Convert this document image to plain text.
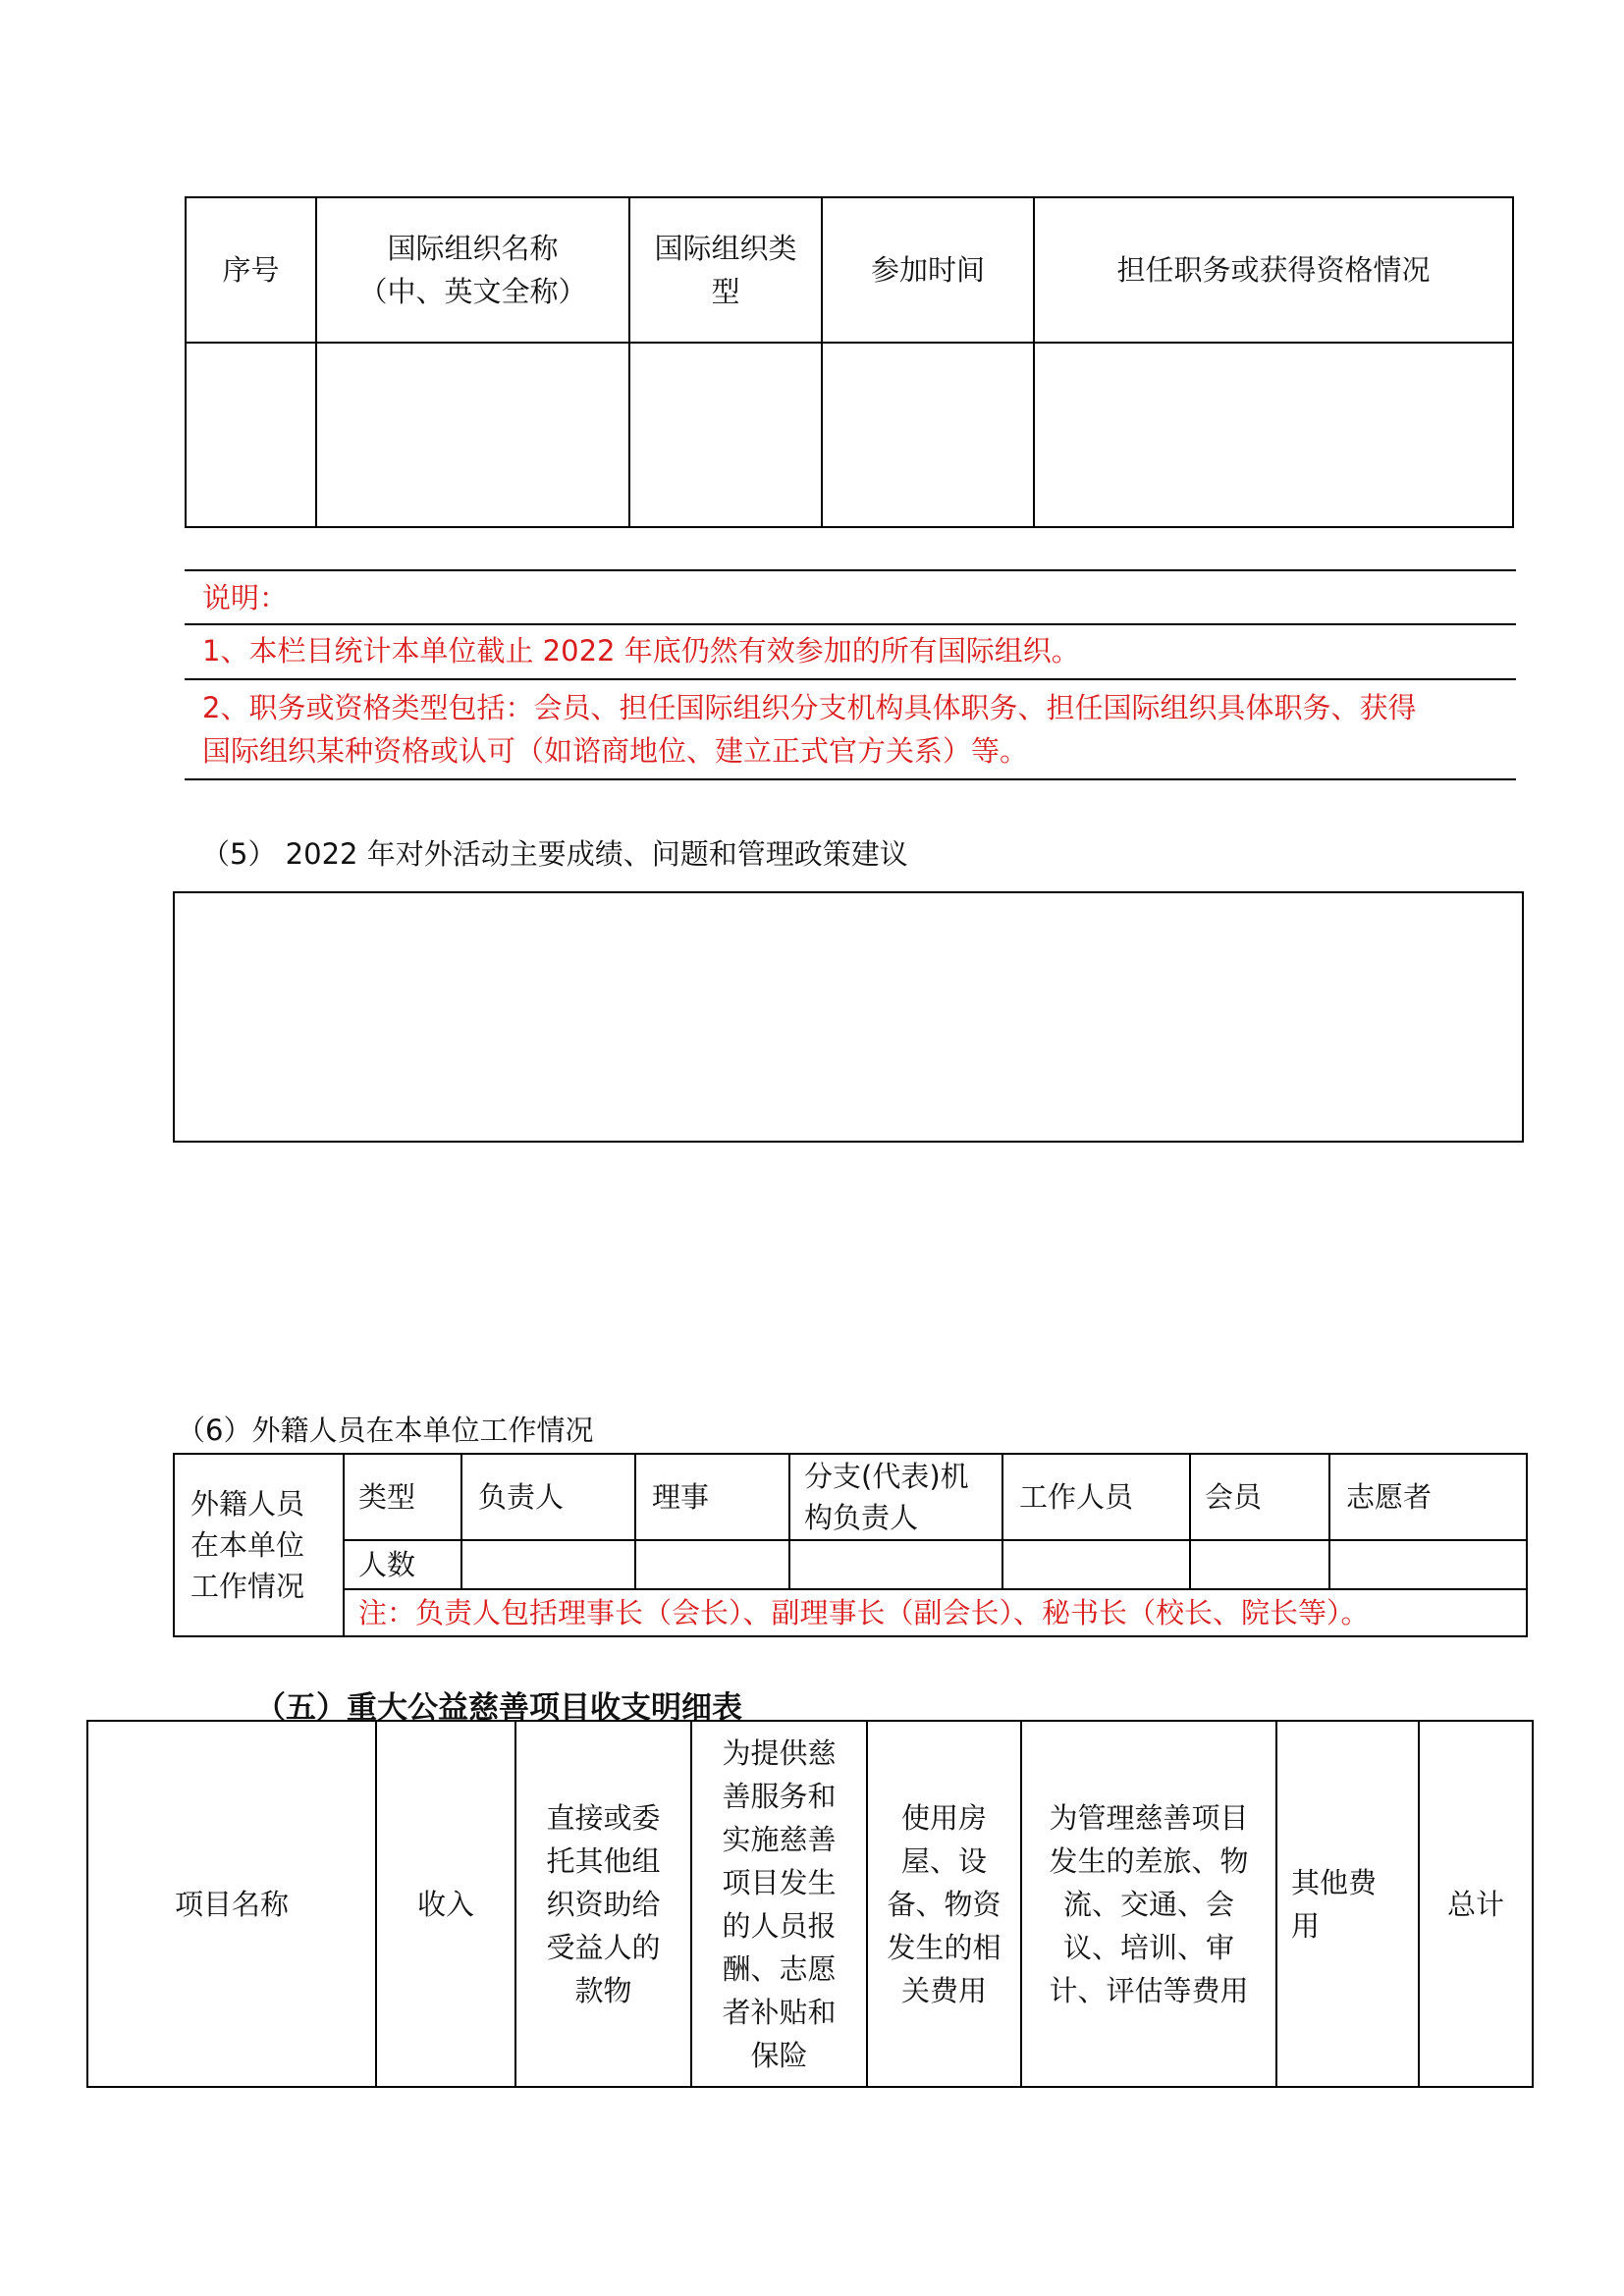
序号	国际组织名称
（中、英文全称）	国际组织类
型	参加时间	担任职务或获得资格情况

说明：
1、本栏目统计本单位截止 2022 年底仍然有效参加的所有国际组织。
2、职务或资格类型包括：会员、担任国际组织分支机构具体职务、担任国际组织具体职务、获得
国际组织某种资格或认可（如谘商地位、建立正式官方关系）等。
（5） 2022 年对外活动主要成绩、问题和管理政策建议
（6）外籍人员在本单位工作情况
外籍人员
在本单位
工作情况	类型	负责人	理事	分支(代表)机
构负责人	工作人员	会员	志愿者
	人数						
	注：负责人包括理事长（会长）、副理事长（副会长）、秘书长（校长、院长等）。						
（五）重大公益慈善项目收支明细表
项目名称	收入	直接或委
托其他组
织资助给
受益人的
款物	为提供慈
善服务和
实施慈善
项目发生
的人员报
酬、志愿
者补贴和
保险	使用房
屋、设
备、物资
发生的相
关费用	为管理慈善项目
发生的差旅、物
流、交通、会
议、培训、审
计、评估等费用	其他费
用	总计
